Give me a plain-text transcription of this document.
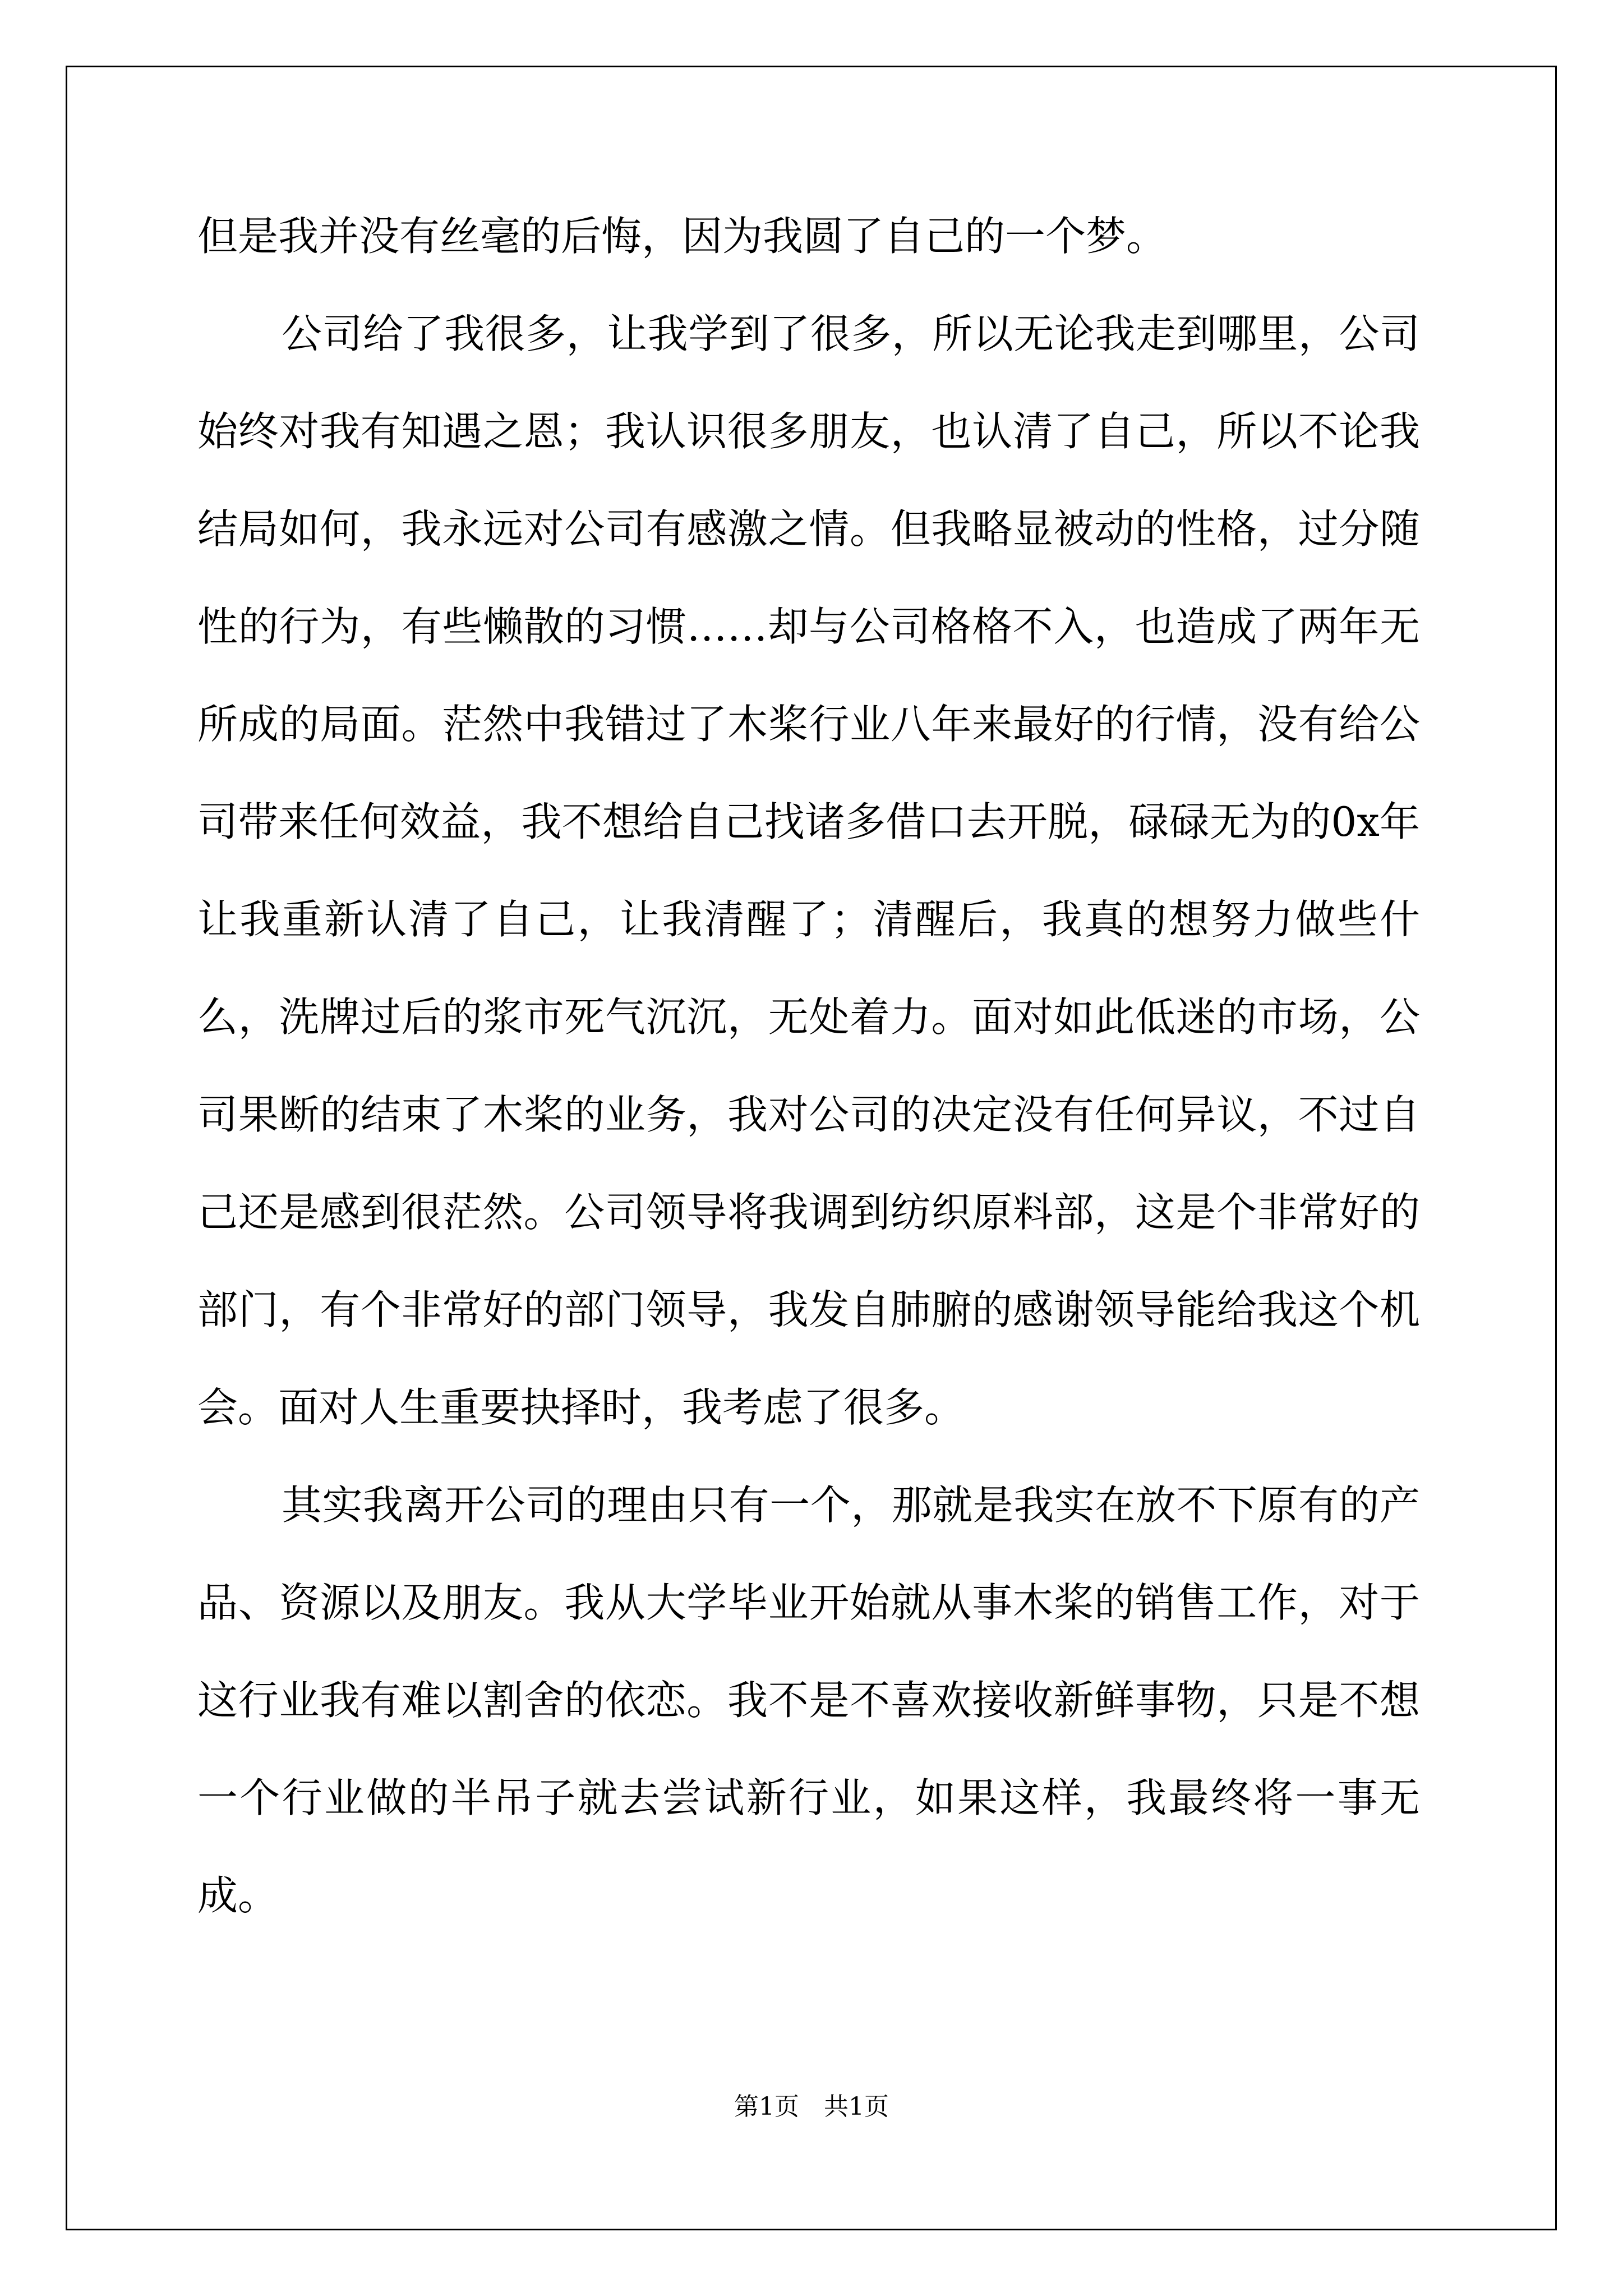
但是我并没有丝毫的后悔，因为我圆了自己的一个梦。

公司给了我很多，让我学到了很多，所以无论我走到哪里，公司始终对我有知遇之恩；我认识很多朋友，也认清了自己，所以不论我结局如何，我永远对公司有感激之情。但我略显被动的性格，过分随性的行为，有些懒散的习惯……却与公司格格不入，也造成了两年无所成的局面。茫然中我错过了木桨行业八年来最好的行情，没有给公司带来任何效益，我不想给自己找诸多借口去开脱，碌碌无为的0x年让我重新认清了自己，让我清醒了；清醒后，我真的想努力做些什么，洗牌过后的浆市死气沉沉，无处着力。面对如此低迷的市场，公司果断的结束了木桨的业务，我对公司的决定没有任何异议，不过自己还是感到很茫然。公司领导将我调到纺织原料部，这是个非常好的部门，有个非常好的部门领导，我发自肺腑的感谢领导能给我这个机会。面对人生重要抉择时，我考虑了很多。

其实我离开公司的理由只有一个，那就是我实在放不下原有的产品、资源以及朋友。我从大学毕业开始就从事木桨的销售工作，对于这行业我有难以割舍的依恋。我不是不喜欢接收新鲜事物，只是不想一个行业做的半吊子就去尝试新行业，如果这样，我最终将一事无成。

第1页　共1页
